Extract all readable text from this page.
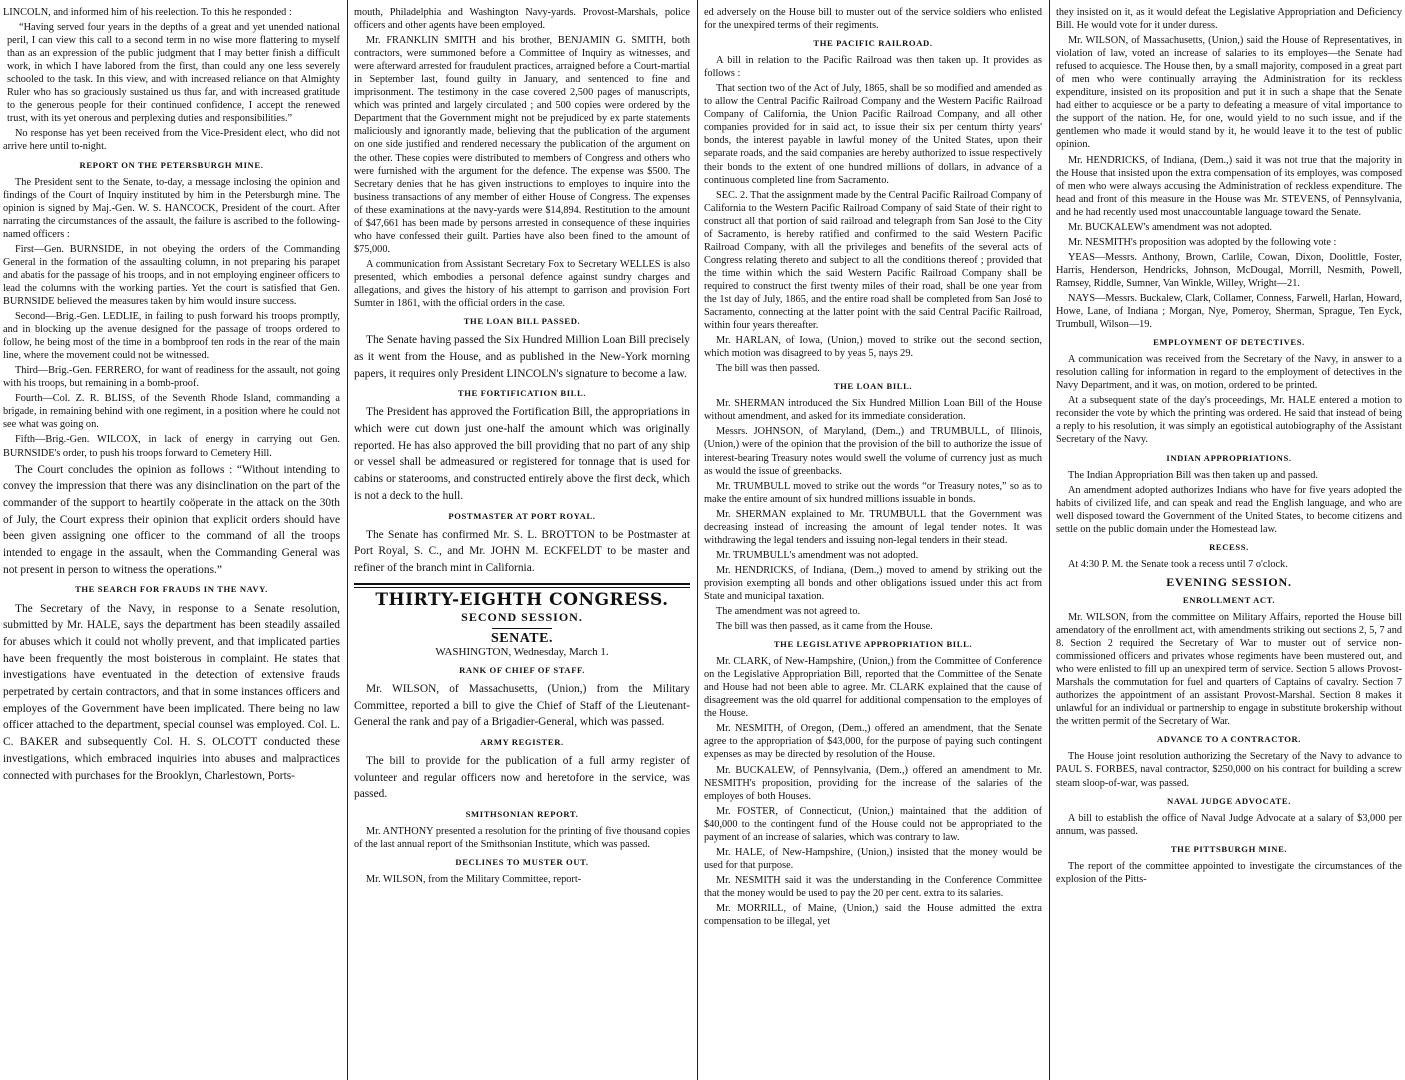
LINCOLN, and informed him of his reelection. To this he responded :

“Having served four years in the depths of a great and yet unended national peril, I can view this call to a second term in no wise more flattering to myself than as an expression of the public judgment that I may better finish a difficult work, in which I have labored from the first, than could any one less severely schooled to the task. In this view, and with increased reliance on that Almighty Ruler who has so graciously sustained us thus far, and with increased gratitude to the generous people for their continued confidence, I accept the renewed trust, with its yet onerous and perplexing duties and responsibilities.”

No response has yet been received from the Vice-President elect, who did not arrive here until to-night.

REPORT ON THE PETERSBURGH MINE.

The President sent to the Senate, to-day, a message inclosing the opinion and findings of the Court of Inquiry instituted by him in the Petersburgh mine. The opinion is signed by Maj.-Gen. W. S. HANCOCK, President of the court. After narrating the circumstances of the assault, the failure is ascribed to the following-named officers :

First—Gen. BURNSIDE, in not obeying the orders of the Commanding General in the formation of the assaulting column, in not preparing his parapet and abatis for the passage of his troops, and in not employing engineer officers to lead the columns with the working parties. Yet the court is satisfied that Gen. BURNSIDE believed the measures taken by him would insure success.

Second—Brig.-Gen. LEDLIE, in failing to push forward his troops promptly, and in blocking up the avenue designed for the passage of troops ordered to follow, he being most of the time in a bombproof ten rods in the rear of the main line, where the movement could not be witnessed.

Third—Brig.-Gen. FERRERO, for want of readiness for the assault, not going with his troops, but remaining in a bomb-proof.

Fourth—Col. Z. R. BLISS, of the Seventh Rhode Island, commanding a brigade, in remaining behind with one regiment, in a position where he could not see what was going on.

Fifth—Brig.-Gen. WILCOX, in lack of energy in carrying out Gen. BURNSIDE's order, to push his troops forward to Cemetery Hill.

The Court concludes the opinion as follows : “Without intending to convey the impression that there was any disinclination on the part of the commander of the support to heartily coöperate in the attack on the 30th of July, the Court express their opinion that explicit orders should have been given assigning one officer to the command of all the troops intended to engage in the assault, when the Commanding General was not present in person to witness the operations.”

THE SEARCH FOR FRAUDS IN THE NAVY.

The Secretary of the Navy, in response to a Senate resolution, submitted by Mr. HALE, says the department has been steadily assailed for abuses which it could not wholly prevent, and that implicated parties have been frequently the most boisterous in complaint. He states that investigations have eventuated in the detection of extensive frauds perpetrated by certain contractors, and that in some instances officers and employes of the Government have been implicated. There being no law officer attached to the department, special counsel was employed. Col. L. C. BAKER and subsequently Col. H. S. OLCOTT conducted these investigations, which embraced inquiries into abuses and malpractices connected with purchases for the Brooklyn, Charlestown, Ports-

mouth, Philadelphia and Washington Navy-yards. Provost-Marshals, police officers and other agents have been employed.

Mr. FRANKLIN SMITH and his brother, BENJAMIN G. SMITH, both contractors, were summoned before a Committee of Inquiry as witnesses, and were afterward arrested for fraudulent practices, arraigned before a Court-martial in September last, found guilty in January, and sentenced to fine and imprisonment. The testimony in the case covered 2,500 pages of manuscripts, which was printed and largely circulated ; and 500 copies were ordered by the Department that the Government might not be prejudiced by ex parte statements maliciously and ignorantly made, believing that the publication of the argument on one side justified and rendered necessary the publication of the argument on the other. These copies were distributed to members of Congress and others who were furnished with the argument for the defence. The expense was $500. The Secretary denies that he has given instructions to employes to inquire into the business transactions of any member of either House of Congress. The expenses of these examinations at the navy-yards were $14,894. Restitution to the amount of $47,661 has been made by persons arrested in consequence of these inquiries who have confessed their guilt. Parties have also been fined to the amount of $75,000.

A communication from Assistant Secretary Fox to Secretary WELLES is also presented, which embodies a personal defence against sundry charges and allegations, and gives the history of his attempt to garrison and provision Fort Sumter in 1861, with the official orders in the case.

THE LOAN BILL PASSED.

The Senate having passed the Six Hundred Million Loan Bill precisely as it went from the House, and as published in the New-York morning papers, it requires only President LINCOLN's signature to become a law.

THE FORTIFICATION BILL.

The President has approved the Fortification Bill, the appropriations in which were cut down just one-half the amount which was originally reported. He has also approved the bill providing that no part of any ship or vessel shall be admeasured or registered for tonnage that is used for cabins or staterooms, and constructed entirely above the first deck, which is not a deck to the hull.

POSTMASTER AT PORT ROYAL.

The Senate has confirmed Mr. S. L. BROTTON to be Postmaster at Port Royal, S. C., and Mr. JOHN M. ECKFELDT to be master and refiner of the branch mint in California.

THIRTY-EIGHTH CONGRESS.
SECOND SESSION.
SENATE.
WASHINGTON, Wednesday, March 1.
RANK OF CHIEF OF STAFF.

Mr. WILSON, of Massachusetts, (Union,) from the Military Committee, reported a bill to give the Chief of Staff of the Lieutenant-General the rank and pay of a Brigadier-General, which was passed.

ARMY REGISTER.

The bill to provide for the publication of a full army register of volunteer and regular officers now and heretofore in the service, was passed.

SMITHSONIAN REPORT.

Mr. ANTHONY presented a resolution for the printing of five thousand copies of the last annual report of the Smithsonian Institute, which was passed.

DECLINES TO MUSTER OUT.

Mr. WILSON, from the Military Committee, report-

ed adversely on the House bill to muster out of the service soldiers who enlisted for the unexpired terms of their regiments.

THE PACIFIC RAILROAD.

A bill in relation to the Pacific Railroad was then taken up. It provides as follows :

That section two of the Act of July, 1865, shall be so modified and amended as to allow the Central Pacific Railroad Company and the Western Pacific Railroad Company of California, the Union Pacific Railroad Company, and all other companies provided for in said act, to issue their six per centum thirty years' bonds, the interest payable in lawful money of the United States, upon their separate roads, and the said companies are hereby authorized to issue respectively their bonds to the extent of one hundred millions of dollars, in advance of a continuous completed line from Sacramento.

SEC. 2. That the assignment made by the Central Pacific Railroad Company of California to the Western Pacific Railroad Company of said State of their right to construct all that portion of said railroad and telegraph from San José to the City of Sacramento, is hereby ratified and confirmed to the said Western Pacific Railroad Company, with all the privileges and benefits of the several acts of Congress relating thereto and subject to all the conditions thereof ; provided that the time within which the said Western Pacific Railroad Company shall be required to construct the first twenty miles of their road, shall be one year from the 1st day of July, 1865, and the entire road shall be completed from San José to Sacramento, connecting at the latter point with the said Central Pacific Railroad, within four years thereafter.

Mr. HARLAN, of Iowa, (Union,) moved to strike out the second section, which motion was disagreed to by yeas 5, nays 29.

The bill was then passed.

THE LOAN BILL.

Mr. SHERMAN introduced the Six Hundred Million Loan Bill of the House without amendment, and asked for its immediate consideration.

Messrs. JOHNSON, of Maryland, (Dem.,) and TRUMBULL, of Illinois, (Union,) were of the opinion that the provision of the bill to authorize the issue of interest-bearing Treasury notes would swell the volume of currency just as much as would the issue of greenbacks.

Mr. TRUMBULL moved to strike out the words “or Treasury notes,” so as to make the entire amount of six hundred millions issuable in bonds.

Mr. SHERMAN explained to Mr. TRUMBULL that the Government was decreasing instead of increasing the amount of legal tender notes. It was withdrawing the legal tenders and issuing non-legal tenders in their stead.

Mr. TRUMBULL's amendment was not adopted.

Mr. HENDRICKS, of Indiana, (Dem.,) moved to amend by striking out the provision exempting all bonds and other obligations issued under this act from State and municipal taxation.

The amendment was not agreed to.

The bill was then passed, as it came from the House.

THE LEGISLATIVE APPROPRIATION BILL.

Mr. CLARK, of New-Hampshire, (Union,) from the Committee of Conference on the Legislative Appropriation Bill, reported that the Committee of the Senate and House had not been able to agree. Mr. CLARK explained that the cause of disagreement was the old quarrel for additional compensation to the employes of the House.

Mr. NESMITH, of Oregon, (Dem.,) offered an amendment, that the Senate agree to the appropriation of $43,000, for the purpose of paying such contingent expenses as may be directed by resolution of the House.

Mr. BUCKALEW, of Pennsylvania, (Dem.,) offered an amendment to Mr. NESMITH's proposition, providing for the increase of the salaries of the employes of both Houses.

Mr. FOSTER, of Connecticut, (Union,) maintained that the addition of $40,000 to the contingent fund of the House could not be appropriated to the payment of an increase of salaries, which was contrary to law.

Mr. HALE, of New-Hampshire, (Union,) insisted that the money would be used for that purpose.

Mr. NESMITH said it was the understanding in the Conference Committee that the money would be used to pay the 20 per cent. extra to its salaries.

Mr. MORRILL, of Maine, (Union,) said the House admitted the extra compensation to be illegal, yet

they insisted on it, as it would defeat the Legislative Appropriation and Deficiency Bill. He would vote for it under duress.

Mr. WILSON, of Massachusetts, (Union,) said the House of Representatives, in violation of law, voted an increase of salaries to its employes—the Senate had refused to acquiesce. The House then, by a small majority, composed in a great part of men who were continually arraying the Administration for its reckless expenditure, insisted on its proposition and put it in such a shape that the Senate had either to acquiesce or be a party to defeating a measure of vital importance to the support of the nation. He, for one, would yield to no such issue, and if the gentlemen who made it would stand by it, he would leave it to the test of public opinion.

Mr. HENDRICKS, of Indiana, (Dem.,) said it was not true that the majority in the House that insisted upon the extra compensation of its employes, was composed of men who were always accusing the Administration of reckless expenditure. The head and front of this measure in the House was Mr. STEVENS, of Pennsylvania, and he had recently used most unaccountable language toward the Senate.

Mr. BUCKALEW's amendment was not adopted.

Mr. NESMITH's proposition was adopted by the following vote :

YEAS—Messrs. Anthony, Brown, Carlile, Cowan, Dixon, Doolittle, Foster, Harris, Henderson, Hendricks, Johnson, McDougal, Morrill, Nesmith, Powell, Ramsey, Riddle, Sumner, Van Winkle, Willey, Wright—21.

NAYS—Messrs. Buckalew, Clark, Collamer, Conness, Farwell, Harlan, Howard, Howe, Lane, of Indiana ; Morgan, Nye, Pomeroy, Sherman, Sprague, Ten Eyck, Trumbull, Wilson—19.

EMPLOYMENT OF DETECTIVES.

A communication was received from the Secretary of the Navy, in answer to a resolution calling for information in regard to the employment of detectives in the Navy Department, and it was, on motion, ordered to be printed.

At a subsequent state of the day's proceedings, Mr. HALE entered a motion to reconsider the vote by which the printing was ordered. He said that instead of being a reply to his resolution, it was simply an egotistical autobiography of the Assistant Secretary of the Navy.

INDIAN APPROPRIATIONS.

The Indian Appropriation Bill was then taken up and passed.

An amendment adopted authorizes Indians who have for five years adopted the habits of civilized life, and can speak and read the English language, and who are well disposed toward the Government of the United States, to become citizens and settle on the public domain under the Homestead law.

RECESS.

At 4:30 P. M. the Senate took a recess until 7 o'clock.

EVENING SESSION.
ENROLLMENT ACT.

Mr. WILSON, from the committee on Military Affairs, reported the House bill amendatory of the enrollment act, with amendments striking out sections 2, 5, 7 and 8. Section 2 required the Secretary of War to muster out of service non-commissioned officers and privates whose regiments have been mustered out, and who were enlisted to fill up an unexpired term of service. Section 5 allows Provost-Marshals the commutation for fuel and quarters of Captains of cavalry. Section 7 authorizes the appointment of an assistant Provost-Marshal. Section 8 makes it unlawful for an individual or partnership to engage in substitute brokership without the written permit of the Secretary of War.

ADVANCE TO A CONTRACTOR.

The House joint resolution authorizing the Secretary of the Navy to advance to PAUL S. FORBES, naval contractor, $250,000 on his contract for building a screw steam sloop-of-war, was passed.

NAVAL JUDGE ADVOCATE.

A bill to establish the office of Naval Judge Advocate at a salary of $3,000 per annum, was passed.

THE PITTSBURGH MINE.

The report of the committee appointed to investigate the circumstances of the explosion of the Pitts-
